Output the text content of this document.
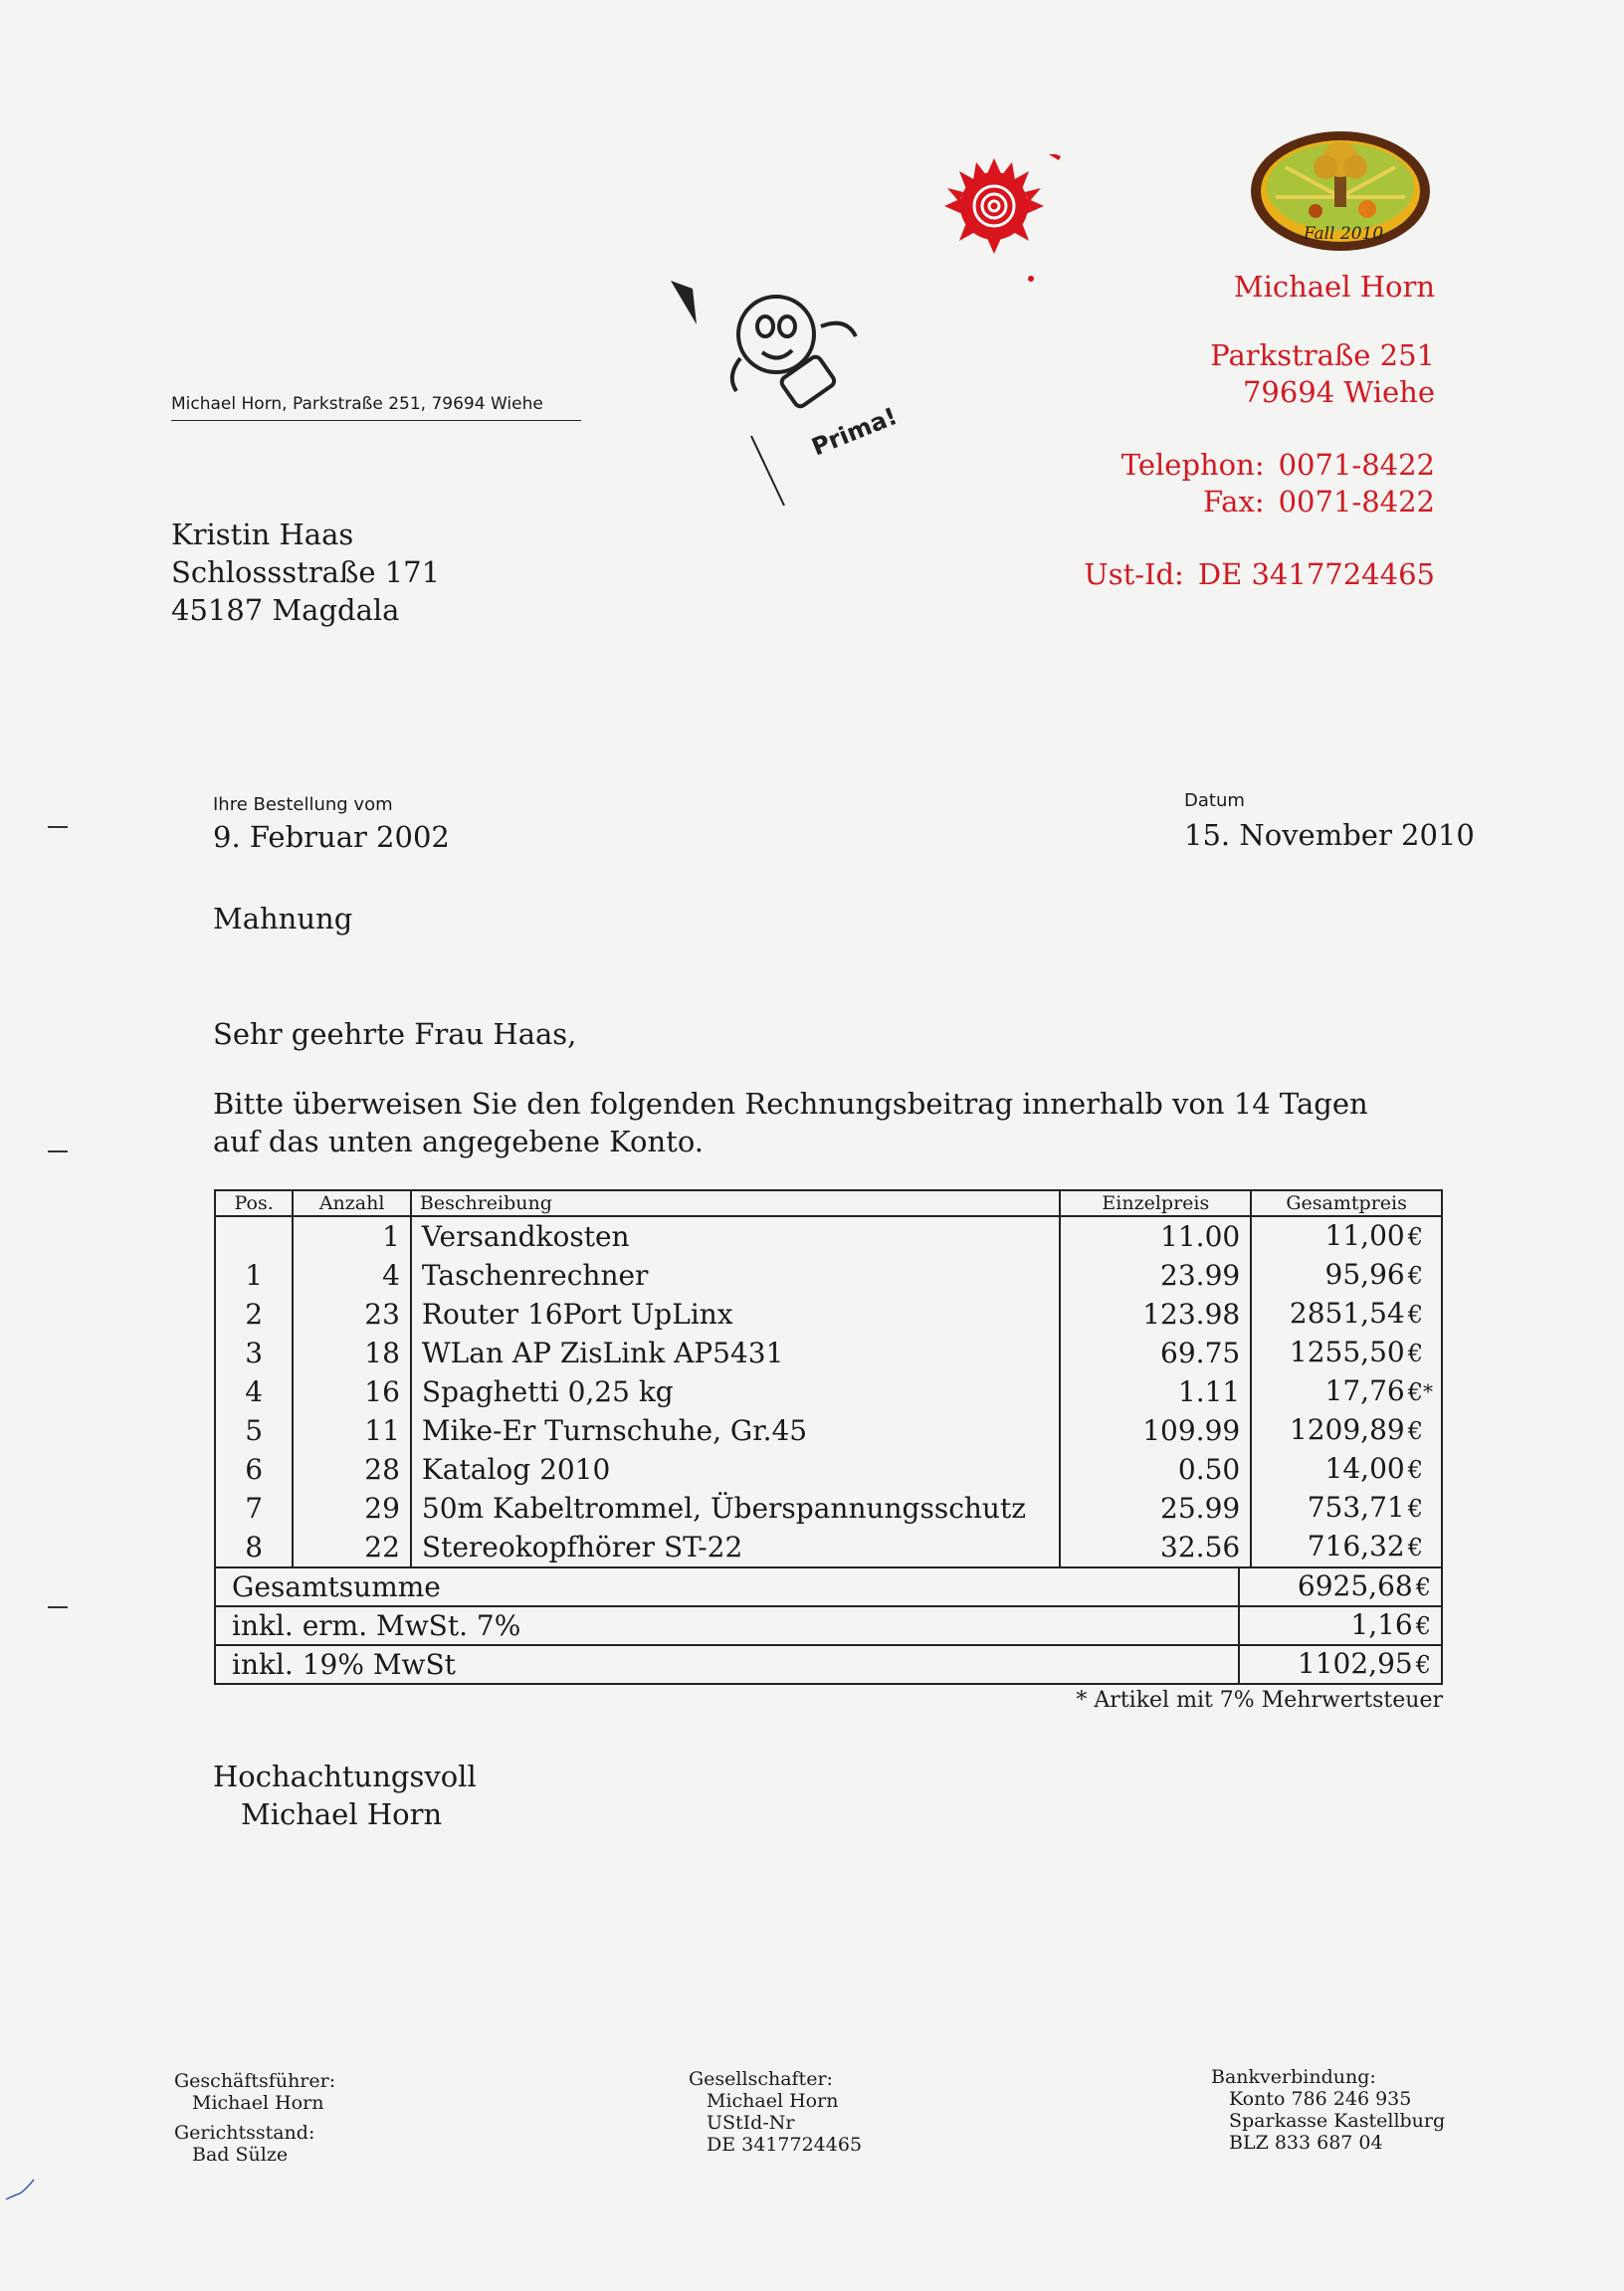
Fall 2010
Prima!
Michael Horn, Parkstraße 251, 79694 Wiehe
Kristin Haas
Schlossstraße 171
45187 Magdala
Michael Horn
Parkstraße 251
79694 Wiehe
Telephon: 0071-8422
Fax: 0071-8422
Ust-Id: DE 3417724465
Ihre Bestellung vom
9. Februar 2002
Datum
15. November 2010
Mahnung
Sehr geehrte Frau Haas,
Bitte überweisen Sie den folgenden Rechnungsbeitrag innerhalb von 14 Tagen auf das unten angegebene Konto.
Pos.	Anzahl	Beschreibung	Einzelpreis	Gesamtpreis
	1	Versandkosten	11.00	11,00 €
1	4	Taschenrechner	23.99	95,96 €
2	23	Router 16Port UpLinx	123.98	2851,54 €
3	18	WLan AP ZisLink AP5431	69.75	1255,50 €
4	16	Spaghetti 0,25 kg	1.11	17,76 €*
5	11	Mike-Er Turnschuhe, Gr.45	109.99	1209,89 €
6	28	Katalog 2010	0.50	14,00 €
7	29	50m Kabeltrommel, Überspannungsschutz	25.99	753,71 €
8	22	Stereokopfhörer ST-22	32.56	716,32 €
Gesamtsumme	6925,68 €
inkl. erm. MwSt. 7%	1,16 €
inkl. 19% MwSt	1102,95 €
* Artikel mit 7% Mehrwertsteuer
Hochachtungsvoll
Michael Horn
Geschäftsführer:
Michael Horn
Gerichtsstand:
Bad Sülze
Gesellschafter:
Michael Horn
UStId-Nr
DE 3417724465
Bankverbindung:
Konto 786 246 935
Sparkasse Kastellburg
BLZ 833 687 04
